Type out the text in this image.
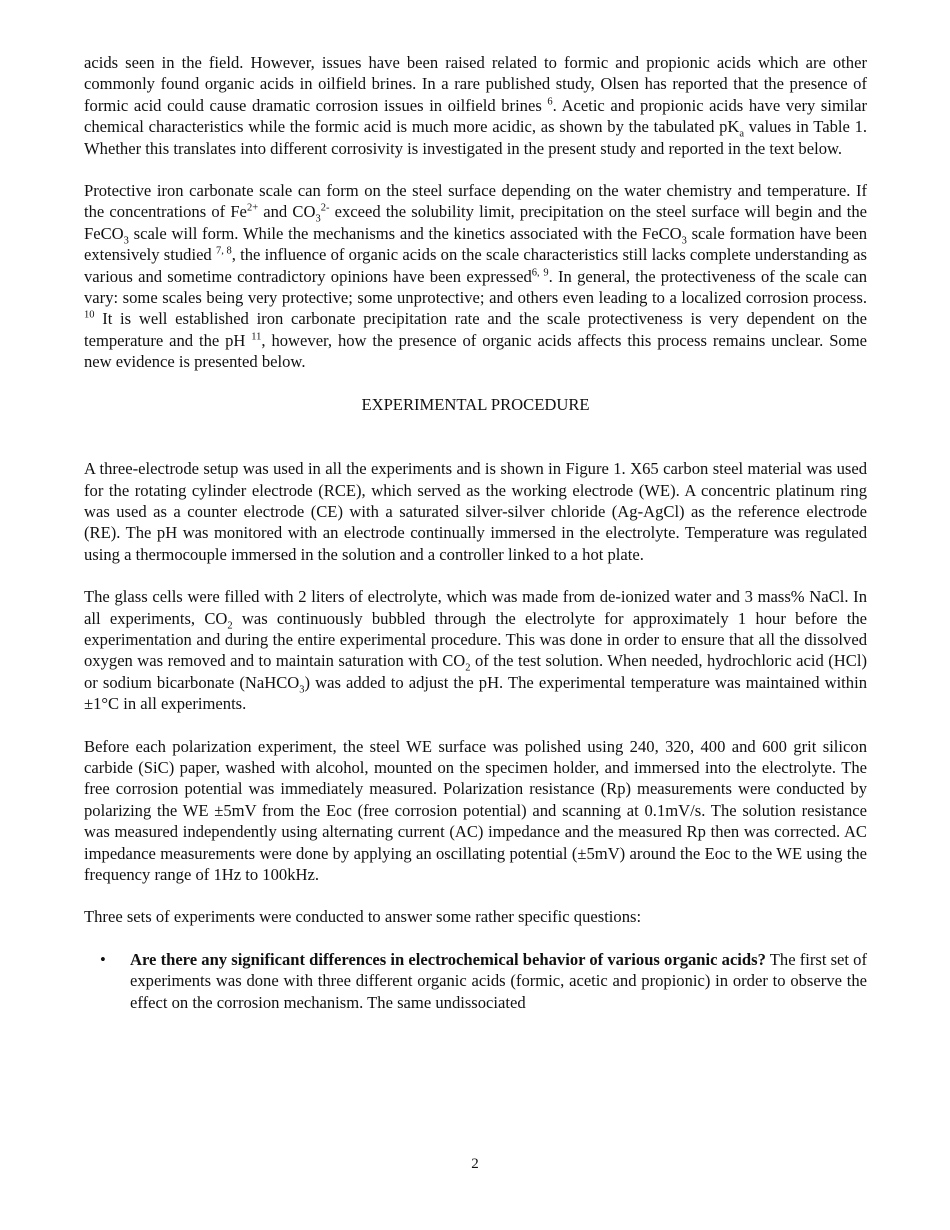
acids seen in the field. However, issues have been raised related to formic and propionic acids which are other commonly found organic acids in oilfield brines. In a rare published study, Olsen has reported that the presence of formic acid could cause dramatic corrosion issues in oilfield brines $^6$. Acetic and propionic acids have very similar chemical characteristics while the formic acid is much more acidic, as shown by the tabulated $pK_a$ values in Table 1. Whether this translates into different corrosivity is investigated in the present study and reported in the text below.

Protective iron carbonate scale can form on the steel surface depending on the water chemistry and temperature. If the concentrations of $Fe^{2+}$ and $CO_3^{2-}$ exceed the solubility limit, precipitation on the steel surface will begin and the FeCO$_3$ scale will form. While the mechanisms and the kinetics associated with the FeCO$_3$ scale formation have been extensively studied $^{7, 8}$, the influence of organic acids on the scale characteristics still lacks complete understanding as various and sometime contradictory opinions have been expressed$^{6, 9}$. In general, the protectiveness of the scale can vary: some scales being very protective; some unprotective; and others even leading to a localized corrosion process. $^{10}$ It is well established iron carbonate precipitation rate and the scale protectiveness is very dependent on the temperature and the pH $^{11}$, however, how the presence of organic acids affects this process remains unclear. Some new evidence is presented below.

EXPERIMENTAL PROCEDURE

A three-electrode setup was used in all the experiments and is shown in Figure 1. X65 carbon steel material was used for the rotating cylinder electrode (RCE), which served as the working electrode (WE). A concentric platinum ring was used as a counter electrode (CE) with a saturated silver-silver chloride (Ag-AgCl) as the reference electrode (RE). The pH was monitored with an electrode continually immersed in the electrolyte. Temperature was regulated using a thermocouple immersed in the solution and a controller linked to a hot plate.

The glass cells were filled with 2 liters of electrolyte, which was made from de-ionized water and 3 mass% NaCl. In all experiments, $CO_2$ was continuously bubbled through the electrolyte for approximately 1 hour before the experimentation and during the entire experimental procedure. This was done in order to ensure that all the dissolved oxygen was removed and to maintain saturation with $CO_2$ of the test solution. When needed, hydrochloric acid (HCl) or sodium bicarbonate (NaHCO$_3$) was added to adjust the pH. The experimental temperature was maintained within ±1°C in all experiments.

Before each polarization experiment, the steel WE surface was polished using 240, 320, 400 and 600 grit silicon carbide (SiC) paper, washed with alcohol, mounted on the specimen holder, and immersed into the electrolyte. The free corrosion potential was immediately measured. Polarization resistance (Rp) measurements were conducted by polarizing the WE ±5mV from the Eoc (free corrosion potential) and scanning at 0.1mV/s. The solution resistance was measured independently using alternating current (AC) impedance and the measured Rp then was corrected. AC impedance measurements were done by applying an oscillating potential (±5mV) around the Eoc to the WE using the frequency range of 1Hz to 100kHz.

Three sets of experiments were conducted to answer some rather specific questions:

• Are there any significant differences in electrochemical behavior of various organic acids? The first set of experiments was done with three different organic acids (formic, acetic and propionic) in order to observe the effect on the corrosion mechanism. The same undissociated
2
